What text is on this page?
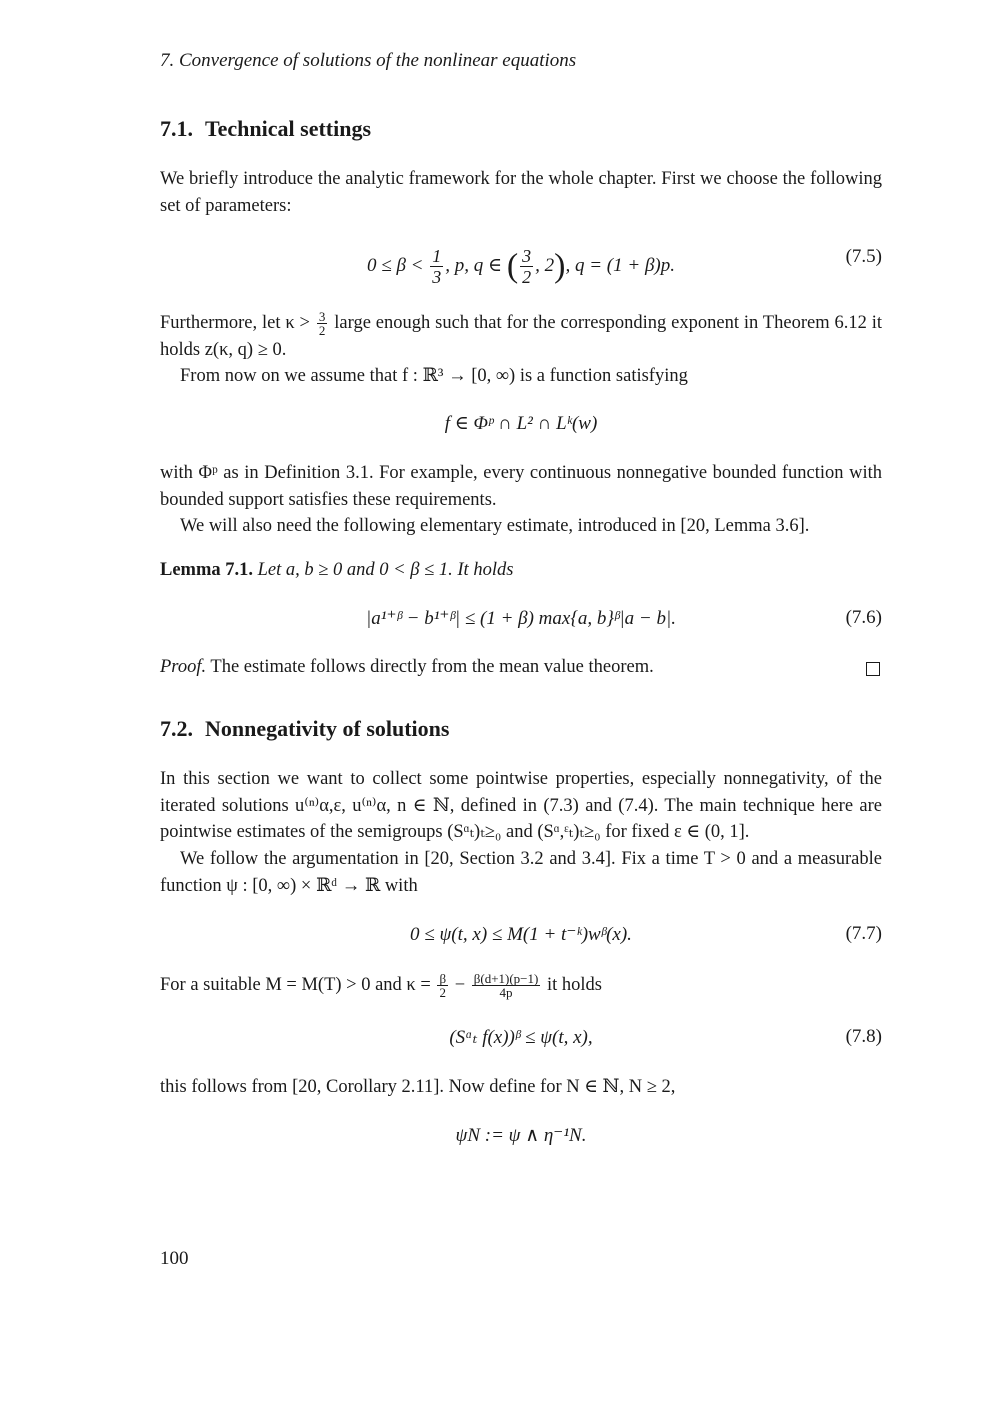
7. Convergence of solutions of the nonlinear equations
7.1. Technical settings

We briefly introduce the analytic framework for the whole chapter. First we choose the following set of parameters:

$0 \le \beta < \frac{1}{3}$ , p, q ∈ ( $\frac{3}{2}$ , 2), q = (1 + β)p.	(7.5)

Furthermore, let $\kappa > \frac{3}{2}$ large enough such that for the corresponding exponent in Theorem 6.12 it holds z(κ, q) ≥ 0.

From now on we assume that f : ℝ³ → [0, ∞) is a function satisfying

f ∈ Φᵖ ∩ L² ∩ Lᵏ(w)

with Φᵖ as in Definition 3.1. For example, every continuous nonnegative bounded function with bounded support satisfies these requirements.

We will also need the following elementary estimate, introduced in [20, Lemma 3.6].

Lemma 7.1. Let a, b ≥ 0 and 0 < β ≤ 1. It holds

|a¹⁺ᵝ − b¹⁺ᵝ| ≤ (1 + β) max{a, b}ᵝ|a − b|.	(7.6)

Proof. The estimate follows directly from the mean value theorem.

7.2. Nonnegativity of solutions

In this section we want to collect some pointwise properties, especially nonnegativity, of the iterated solutions u⁽ⁿ⁾α,ε, u⁽ⁿ⁾α, n ∈ ℕ, defined in (7.3) and (7.4). The main technique here are pointwise estimates of the semigroups (Sᵅₜ)ₜ≥₀ and (Sᵅ,ᵋₜ)ₜ≥₀ for fixed ε ∈ (0, 1].

We follow the argumentation in [20, Section 3.2 and 3.4]. Fix a time T > 0 and a measurable function ψ : [0, ∞) × ℝᵈ → ℝ with

0 ≤ ψ(t, x) ≤ M(1 + t⁻ᵏ)wᵝ(x).	(7.7)

For a suitable M = M(T) > 0 and $\kappa = \frac{\beta}{2} - \frac{\beta(d+1)(p-1)}{4p}$ it holds

(Sᵅₜ f(x))ᵝ ≤ ψ(t, x),	(7.8)

this follows from [20, Corollary 2.11]. Now define for N ∈ ℕ, N ≥ 2,

ψN := ψ ∧ η⁻¹N.
100
